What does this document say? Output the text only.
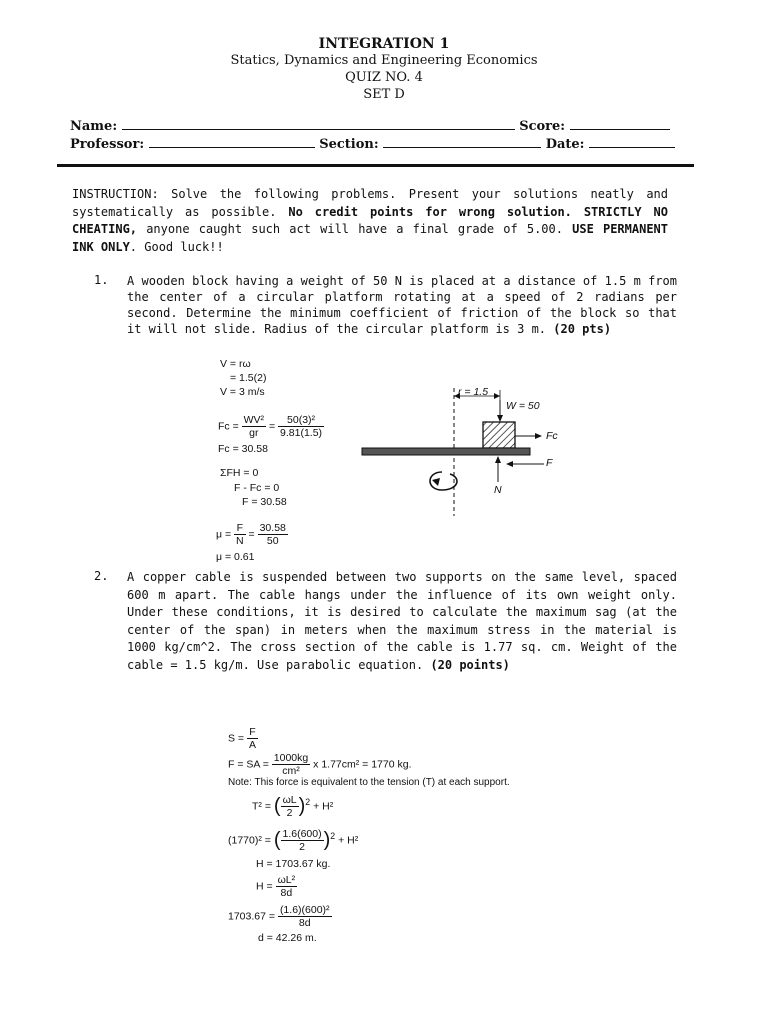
INTEGRATION 1
Statics, Dynamics and Engineering Economics
QUIZ NO. 4
SET D
Name:	Score:
Professor:	Section:	Date:
INSTRUCTION: Solve the following problems. Present your solutions neatly and systematically as possible. No credit points for wrong solution. STRICTLY NO CHEATING, anyone caught such act will have a final grade of 5.00. USE PERMANENT INK ONLY. Good luck!!
1. A wooden block having a weight of 50 N is placed at a distance of 1.5 m from the center of a circular platform rotating at a speed of 2 radians per second. Determine the minimum coefficient of friction of the block so that it will not slide. Radius of the circular platform is 3 m. (20 pts)
V = rω
= 1.5(2)
V = 3 m/s
$Fc = \frac{\text{WV²}}{gr} = \frac{\text{50(3)²}}{9.81(1.5)}$
Fc = 30.58
ΣFH = 0
F - Fc = 0
F = 30.58
$\mu = \frac{F}{N} = \frac{30.58}{50}$
μ = 0.61
r = 1.5
W = 50
Fc
F
N
2. A copper cable is suspended between two supports on the same level, spaced 600 m apart. The cable hangs under the influence of its own weight only. Under these conditions, it is desired to calculate the maximum sag (at the center of the span) in meters when the maximum stress in the material is 1000 kg/cm^2. The cross section of the cable is 1.77 sq. cm. Weight of the cable = 1.5 kg/m. Use parabolic equation. (20 points)
$S = \frac{F}{A}$
F = SA = $\frac{1000kg}{\text{cm²}}$ x 1.77cm² = 1770 kg.
Note: This force is equivalent to the tension (T) at each support.
T² = ( $\frac{\omega L}{2} )^2 + H^2$
(1770)² = ( $\frac{1.6(600)}{2} )^2 + H^2$
H = 1703.67 kg.
$H = \frac{\text{ωL²}}{8d}$
$1703.67 = \frac{\text{(1.6)(600)²}}{8d}$
d = 42.26 m.
